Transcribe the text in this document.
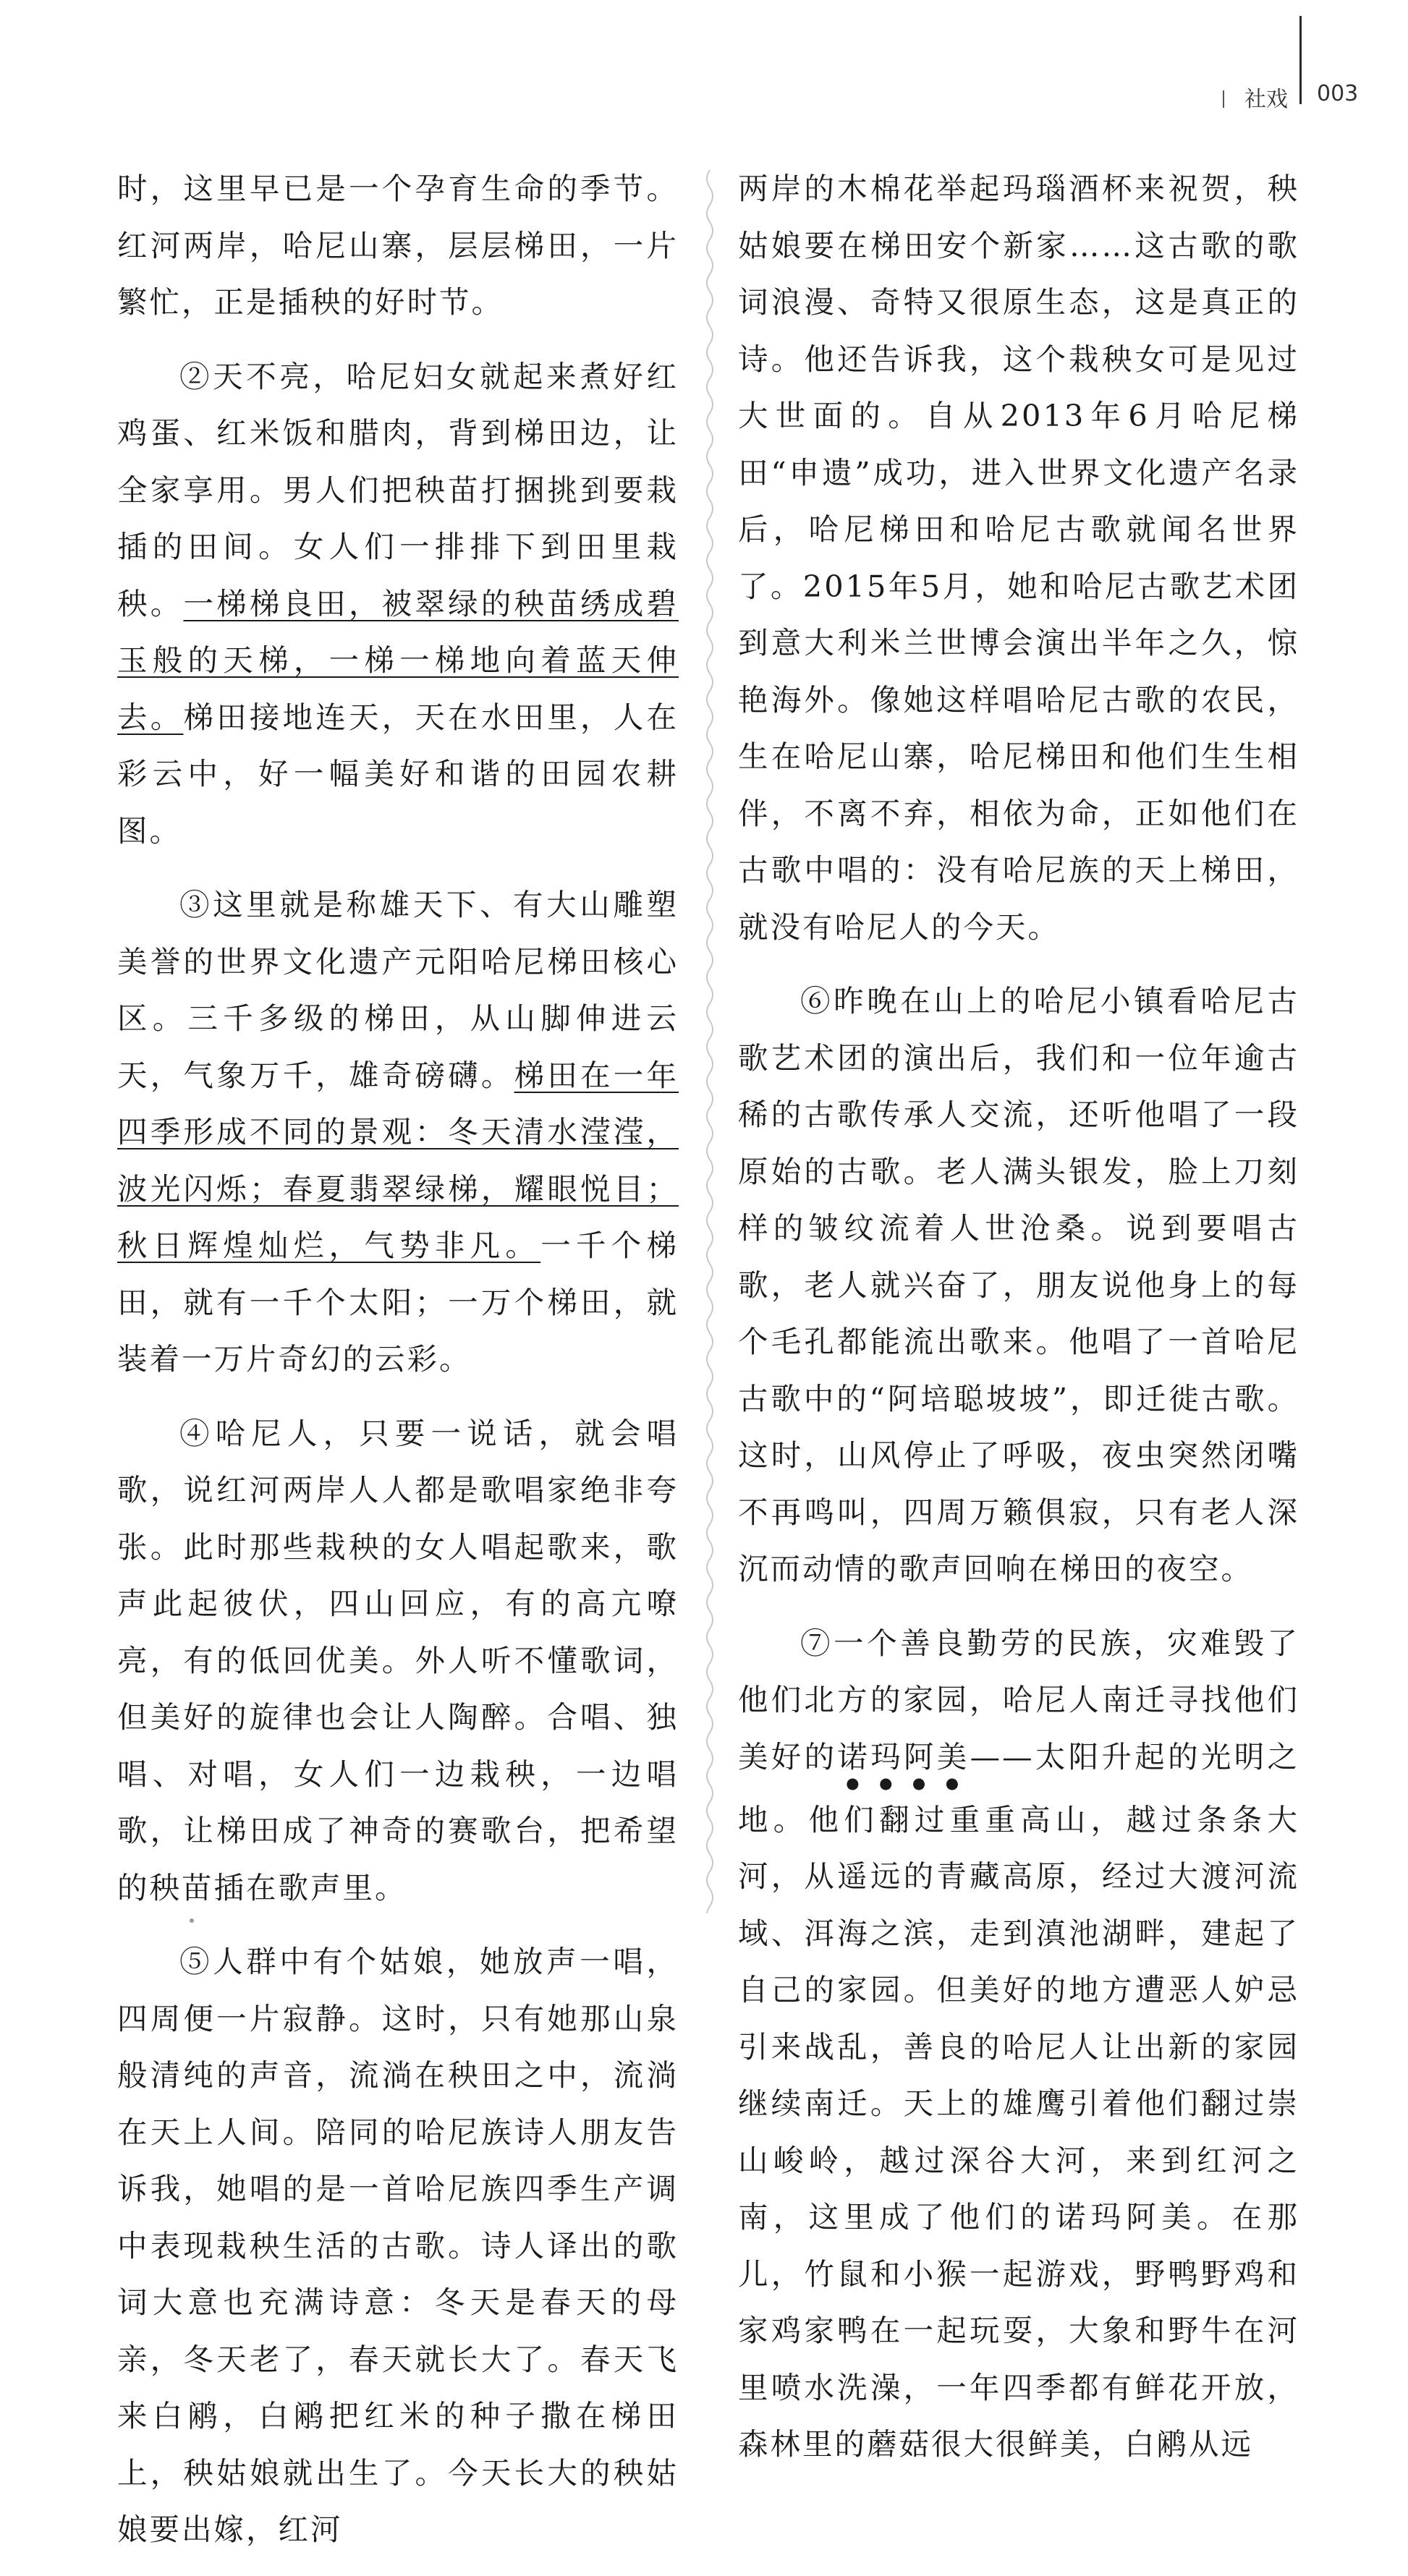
社戏 003

时，这里早已是一个孕育生命的季节。红河两岸，哈尼山寨，层层梯田，一片繁忙，正是插秧的好时节。

②天不亮，哈尼妇女就起来煮好红鸡蛋、红米饭和腊肉，背到梯田边，让全家享用。男人们把秧苗打捆挑到要栽插的田间。女人们一排排下到田里栽秧。一梯梯良田，被翠绿的秧苗绣成碧玉般的天梯，一梯一梯地向着蓝天伸去。梯田接地连天，天在水田里，人在彩云中，好一幅美好和谐的田园农耕图。

③这里就是称雄天下、有大山雕塑美誉的世界文化遗产元阳哈尼梯田核心区。三千多级的梯田，从山脚伸进云天，气象万千，雄奇磅礴。梯田在一年四季形成不同的景观：冬天清水滢滢，波光闪烁；春夏翡翠绿梯，耀眼悦目；秋日辉煌灿烂，气势非凡。一千个梯田，就有一千个太阳；一万个梯田，就装着一万片奇幻的云彩。

④哈尼人，只要一说话，就会唱歌，说红河两岸人人都是歌唱家绝非夸张。此时那些栽秧的女人唱起歌来，歌声此起彼伏，四山回应，有的高亢嘹亮，有的低回优美。外人听不懂歌词，但美好的旋律也会让人陶醉。合唱、独唱、对唱，女人们一边栽秧，一边唱歌，让梯田成了神奇的赛歌台，把希望的秧苗插在歌声里。

⑤人群中有个姑娘，她放声一唱，四周便一片寂静。这时，只有她那山泉般清纯的声音，流淌在秧田之中，流淌在天上人间。陪同的哈尼族诗人朋友告诉我，她唱的是一首哈尼族四季生产调中表现栽秧生活的古歌。诗人译出的歌词大意也充满诗意：冬天是春天的母亲，冬天老了，春天就长大了。春天飞来白鹇，白鹇把红米的种子撒在梯田上，秧姑娘就出生了。今天长大的秧姑娘要出嫁，红河

两岸的木棉花举起玛瑙酒杯来祝贺，秧姑娘要在梯田安个新家……这古歌的歌词浪漫、奇特又很原生态，这是真正的诗。他还告诉我，这个栽秧女可是见过大世面的。自从2013年6月哈尼梯田“申遗”成功，进入世界文化遗产名录后，哈尼梯田和哈尼古歌就闻名世界了。2015年5月，她和哈尼古歌艺术团到意大利米兰世博会演出半年之久，惊艳海外。像她这样唱哈尼古歌的农民，生在哈尼山寨，哈尼梯田和他们生生相伴，不离不弃，相依为命，正如他们在古歌中唱的：没有哈尼族的天上梯田，就没有哈尼人的今天。

⑥昨晚在山上的哈尼小镇看哈尼古歌艺术团的演出后，我们和一位年逾古稀的古歌传承人交流，还听他唱了一段原始的古歌。老人满头银发，脸上刀刻样的皱纹流着人世沧桑。说到要唱古歌，老人就兴奋了，朋友说他身上的每个毛孔都能流出歌来。他唱了一首哈尼古歌中的“阿培聪坡坡”，即迁徙古歌。这时，山风停止了呼吸，夜虫突然闭嘴不再鸣叫，四周万籁俱寂，只有老人深沉而动情的歌声回响在梯田的夜空。

⑦一个善良勤劳的民族，灾难毁了他们北方的家园，哈尼人南迁寻找他们美好的诺玛阿美——太阳升起的光明之地。他们翻过重重高山，越过条条大河，从遥远的青藏高原，经过大渡河流域、洱海之滨，走到滇池湖畔，建起了自己的家园。但美好的地方遭恶人妒忌引来战乱，善良的哈尼人让出新的家园继续南迁。天上的雄鹰引着他们翻过崇山峻岭，越过深谷大河，来到红河之南，这里成了他们的诺玛阿美。在那儿，竹鼠和小猴一起游戏，野鸭野鸡和家鸡家鸭在一起玩耍，大象和野牛在河里喷水洗澡，一年四季都有鲜花开放，森林里的蘑菇很大很鲜美，白鹇从远
